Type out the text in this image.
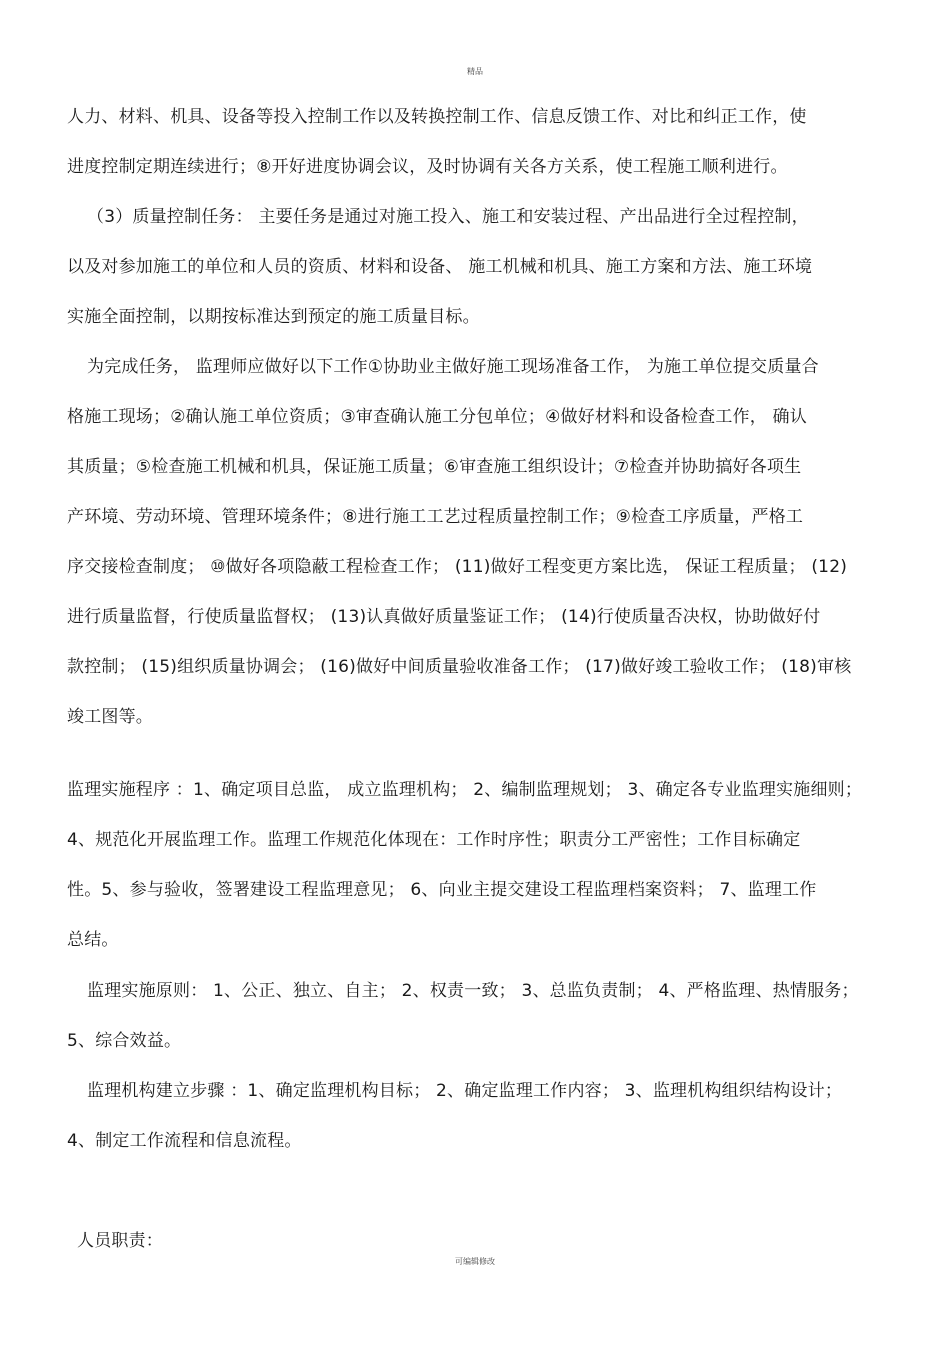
精品
人力、材料、机具、设备等投入控制工作以及转换控制工作、信息反馈工作、对比和纠正工作，使
进度控制定期连续进行；⑧开好进度协调会议，及时协调有关各方关系，使工程施工顺利进行。
（3）质量控制任务： 主要任务是通过对施工投入、施工和安装过程、产出品进行全过程控制，
以及对参加施工的单位和人员的资质、材料和设备、 施工机械和机具、施工方案和方法、施工环境
实施全面控制，以期按标准达到预定的施工质量目标。
为完成任务， 监理师应做好以下工作①协助业主做好施工现场准备工作， 为施工单位提交质量合
格施工现场；②确认施工单位资质；③审查确认施工分包单位；④做好材料和设备检查工作， 确认
其质量；⑤检查施工机械和机具，保证施工质量；⑥审查施工组织设计；⑦检查并协助搞好各项生
产环境、劳动环境、管理环境条件；⑧进行施工工艺过程质量控制工作；⑨检查工序质量，严格工
序交接检查制度； ⑩做好各项隐蔽工程检查工作； (11)做好工程变更方案比选， 保证工程质量； (12)
进行质量监督，行使质量监督权； (13)认真做好质量鉴证工作； (14)行使质量否决权，协助做好付
款控制； (15)组织质量协调会； (16)做好中间质量验收准备工作； (17)做好竣工验收工作； (18)审核
竣工图等。
监理实施程序 ：1、确定项目总监， 成立监理机构； 2、编制监理规划； 3、确定各专业监理实施细则；
4、规范化开展监理工作。监理工作规范化体现在：工作时序性；职责分工严密性；工作目标确定
性。5、参与验收，签署建设工程监理意见； 6、向业主提交建设工程监理档案资料； 7、监理工作
总结。
监理实施原则： 1、公正、独立、自主； 2、权责一致； 3、总监负责制； 4、严格监理、热情服务；
5、综合效益。
监理机构建立步骤 ：1、确定监理机构目标； 2、确定监理工作内容； 3、监理机构组织结构设计；
4、制定工作流程和信息流程。
人员职责：
可编辑修改
